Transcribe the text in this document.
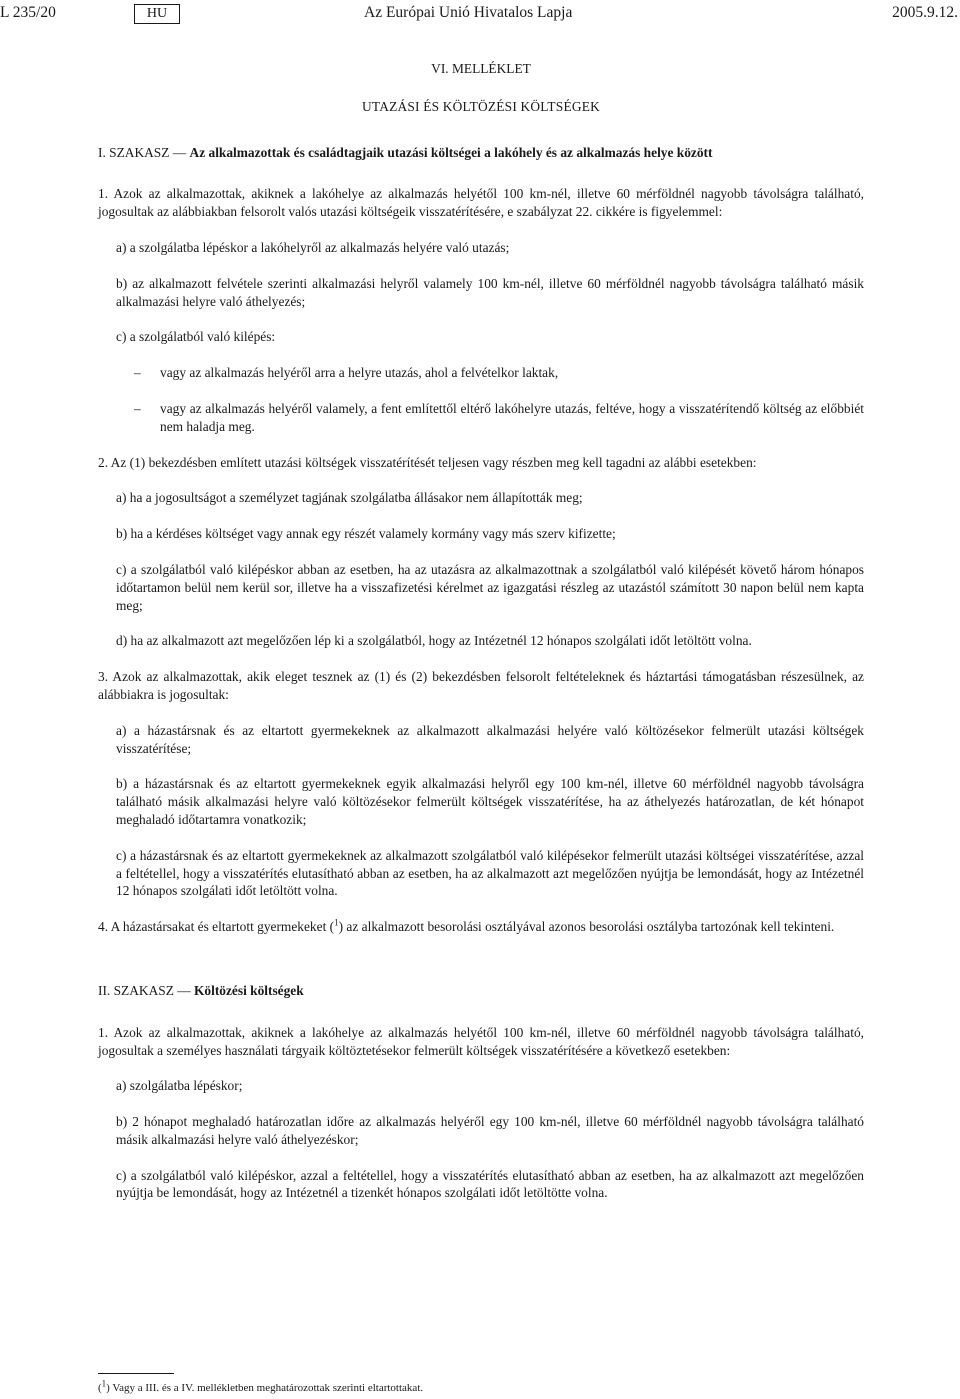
L 235/20	HU	Az Európai Unió Hivatalos Lapja	2005.9.12.

VI. MELLÉKLET

UTAZÁSI ÉS KÖLTÖZÉSI KÖLTSÉGEK

I. SZAKASZ — Az alkalmazottak és családtagjaik utazási költségei a lakóhely és az alkalmazás helye között

1. Azok az alkalmazottak, akiknek a lakóhelye az alkalmazás helyétől 100 km-nél, illetve 60 mérföldnél nagyobb távolságra található, jogosultak az alábbiakban felsorolt valós utazási költségeik visszatérítésére, e szabályzat 22. cikkére is figyelemmel:

a) a szolgálatba lépéskor a lakóhelyről az alkalmazás helyére való utazás;

b) az alkalmazott felvétele szerinti alkalmazási helyről valamely 100 km-nél, illetve 60 mérföldnél nagyobb távolságra található másik alkalmazási helyre való áthelyezés;

c) a szolgálatból való kilépés:

–	vagy az alkalmazás helyéről arra a helyre utazás, ahol a felvételkor laktak,
–	vagy az alkalmazás helyéről valamely, a fent említettől eltérő lakóhelyre utazás, feltéve, hogy a visszatérítendő költség az előbbiét nem haladja meg.

2. Az (1) bekezdésben említett utazási költségek visszatérítését teljesen vagy részben meg kell tagadni az alábbi esetekben:

a) ha a jogosultságot a személyzet tagjának szolgálatba állásakor nem állapították meg;

b) ha a kérdéses költséget vagy annak egy részét valamely kormány vagy más szerv kifizette;

c) a szolgálatból való kilépéskor abban az esetben, ha az utazásra az alkalmazottnak a szolgálatból való kilépését követő három hónapos időtartamon belül nem kerül sor, illetve ha a visszafizetési kérelmet az igazgatási részleg az utazástól számított 30 napon belül nem kapta meg;

d) ha az alkalmazott azt megelőzően lép ki a szolgálatból, hogy az Intézetnél 12 hónapos szolgálati időt letöltött volna.

3. Azok az alkalmazottak, akik eleget tesznek az (1) és (2) bekezdésben felsorolt feltételeknek és háztartási támogatásban részesülnek, az alábbiakra is jogosultak:

a) a házastársnak és az eltartott gyermekeknek az alkalmazott alkalmazási helyére való költözésekor felmerült utazási költségek visszatérítése;

b) a házastársnak és az eltartott gyermekeknek egyik alkalmazási helyről egy 100 km-nél, illetve 60 mérföldnél nagyobb távolságra található másik alkalmazási helyre való költözésekor felmerült költségek visszatérítése, ha az áthelyezés határozatlan, de két hónapot meghaladó időtartamra vonatkozik;

c) a házastársnak és az eltartott gyermekeknek az alkalmazott szolgálatból való kilépésekor felmerült utazási költségei visszatérítése, azzal a feltétellel, hogy a visszatérítés elutasítható abban az esetben, ha az alkalmazott azt megelőzően nyújtja be lemondását, hogy az Intézetnél 12 hónapos szolgálati időt letöltött volna.

4. A házastársakat és eltartott gyermekeket ($^1$) az alkalmazott besorolási osztályával azonos besorolási osztályba tartozónak kell tekinteni.

II. SZAKASZ — Költözési költségek

1. Azok az alkalmazottak, akiknek a lakóhelye az alkalmazás helyétől 100 km-nél, illetve 60 mérföldnél nagyobb távolságra található, jogosultak a személyes használati tárgyaik költöztetésekor felmerült költségek visszatérítésére a következő esetekben:

a) szolgálatba lépéskor;

b) 2 hónapot meghaladó határozatlan időre az alkalmazás helyéről egy 100 km-nél, illetve 60 mérföldnél nagyobb távolságra található másik alkalmazási helyre való áthelyezéskor;

c) a szolgálatból való kilépéskor, azzal a feltétellel, hogy a visszatérítés elutasítható abban az esetben, ha az alkalmazott azt megelőzően nyújtja be lemondását, hogy az Intézetnél a tizenkét hónapos szolgálati időt letöltötte volna.

($^1$) Vagy a III. és a IV. mellékletben meghatározottak szerinti eltartottakat.
